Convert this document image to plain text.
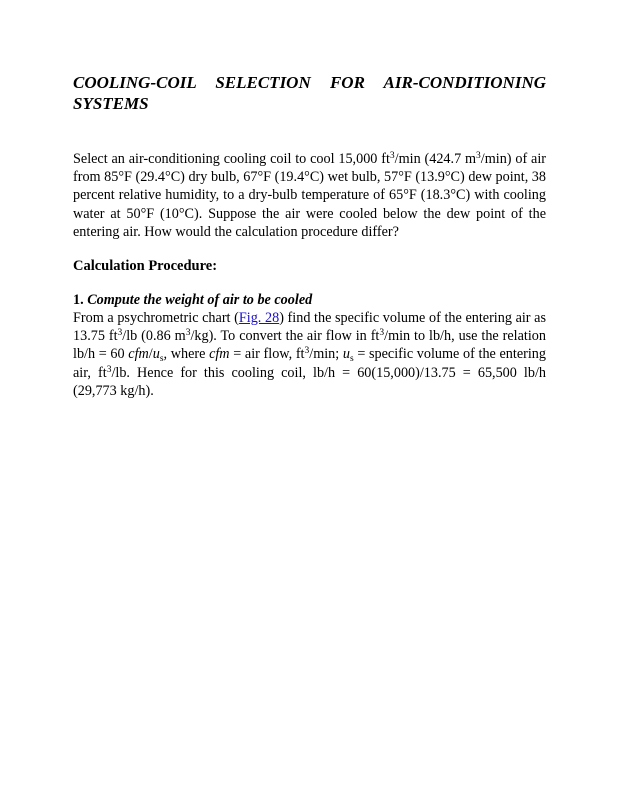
COOLING-COIL SELECTION FOR AIR-CONDITIONING
SYSTEMS

Select an air-conditioning cooling coil to cool 15,000 $ft^3/\min$ (424.7 $m^3/\min$) of air from 85°F (29.4°C) dry bulb, 67°F (19.4°C) wet bulb, 57°F (13.9°C) dew point, 38 percent relative humidity, to a dry-bulb temperature of 65°F (18.3°C) with cooling water at 50°F (10°C). Suppose the air were cooled below the dew point of the entering air. How would the calculation procedure differ?

Calculation Procedure:
1. Compute the weight of air to be cooled

From a psychrometric chart (Fig. 28) find the specific volume of the entering air as 13.75 $ft^3/lb$ (0.86 $m^3/kg$). To convert the air flow in $ft^3/\min$ to lb/h, use the relation lb/h = 60 cfm/$u_s$, where cfm = air flow, $ft^3/\min$; $u_s$ = specific volume of the entering air, $ft^3/lb$. Hence for this cooling coil, lb/h = 60(15,000)/13.75 = 65,500 lb/h (29,773 kg/h).
